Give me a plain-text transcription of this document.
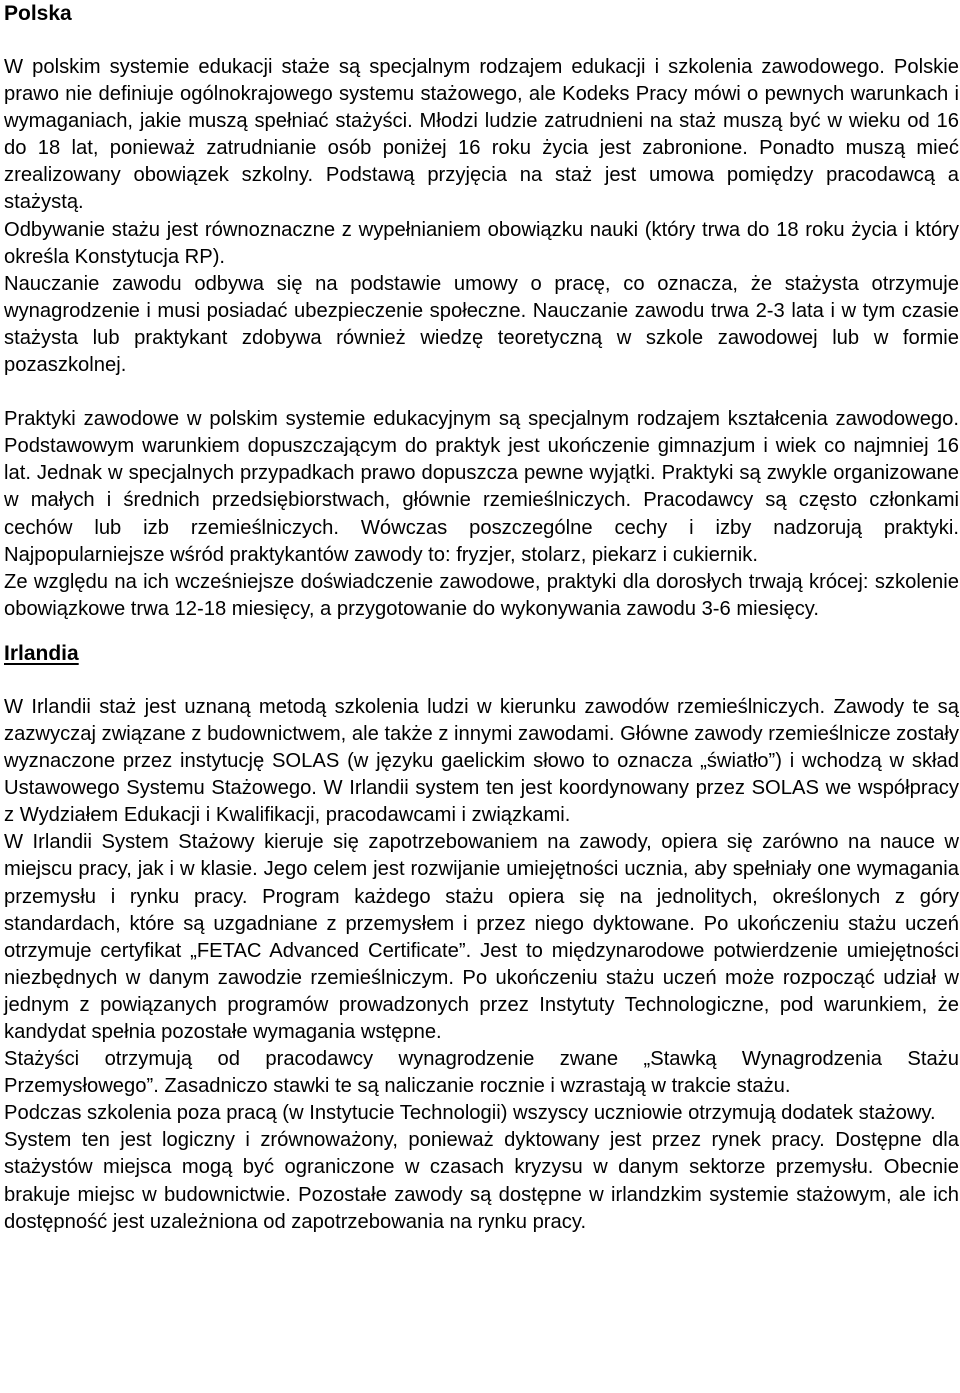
Polska

W polskim systemie edukacji staże są specjalnym rodzajem edukacji i szkolenia zawodowego. Polskie prawo nie definiuje ogólnokrajowego systemu stażowego, ale Kodeks Pracy mówi o pewnych warunkach i wymaganiach, jakie muszą spełniać stażyści. Młodzi ludzie zatrudnieni na staż muszą być w wieku od 16 do 18 lat, ponieważ zatrudnianie osób poniżej 16 roku życia jest zabronione. Ponadto muszą mieć zrealizowany obowiązek szkolny. Podstawą przyjęcia na staż jest umowa pomiędzy pracodawcą a stażystą.

Odbywanie stażu jest równoznaczne z wypełnianiem obowiązku nauki (który trwa do 18 roku życia i który określa Konstytucja RP).

Nauczanie zawodu odbywa się na podstawie umowy o pracę, co oznacza, że stażysta otrzymuje wynagrodzenie i musi posiadać ubezpieczenie społeczne. Nauczanie zawodu trwa 2-3 lata i w tym czasie stażysta lub praktykant zdobywa również wiedzę teoretyczną w szkole zawodowej lub w formie pozaszkolnej.

Praktyki zawodowe w polskim systemie edukacyjnym są specjalnym rodzajem kształcenia zawodowego. Podstawowym warunkiem dopuszczającym do praktyk jest ukończenie gimnazjum i wiek co najmniej 16 lat. Jednak w specjalnych przypadkach prawo dopuszcza pewne wyjątki. Praktyki są zwykle organizowane w małych i średnich przedsiębiorstwach, głównie rzemieślniczych. Pracodawcy są często członkami cechów lub izb rzemieślniczych. Wówczas poszczególne cechy i izby nadzorują praktyki. Najpopularniejsze wśród praktykantów zawody to: fryzjer, stolarz, piekarz i cukiernik.

Ze względu na ich wcześniejsze doświadczenie zawodowe, praktyki dla dorosłych trwają krócej: szkolenie obowiązkowe trwa 12-18 miesięcy, a przygotowanie do wykonywania zawodu 3-6 miesięcy.

Irlandia

W Irlandii staż jest uznaną metodą szkolenia ludzi w kierunku zawodów rzemieślniczych. Zawody te są zazwyczaj związane z budownictwem, ale także z innymi zawodami. Główne zawody rzemieślnicze zostały wyznaczone przez instytucję SOLAS (w języku gaelickim słowo to oznacza „światło”) i wchodzą w skład Ustawowego Systemu Stażowego. W Irlandii system ten jest koordynowany przez SOLAS we współpracy z Wydziałem Edukacji i Kwalifikacji, pracodawcami i związkami.

W Irlandii System Stażowy kieruje się zapotrzebowaniem na zawody, opiera się zarówno na nauce w miejscu pracy, jak i w klasie. Jego celem jest rozwijanie umiejętności ucznia, aby spełniały one wymagania przemysłu i rynku pracy. Program każdego stażu opiera się na jednolitych, określonych z góry standardach, które są uzgadniane z przemysłem i przez niego dyktowane. Po ukończeniu stażu uczeń otrzymuje certyfikat „FETAC Advanced Certificate”. Jest to międzynarodowe potwierdzenie umiejętności niezbędnych w danym zawodzie rzemieślniczym. Po ukończeniu stażu uczeń może rozpocząć udział w jednym z powiązanych programów prowadzonych przez Instytuty Technologiczne, pod warunkiem, że kandydat spełnia pozostałe wymagania wstępne.

Stażyści otrzymują od pracodawcy wynagrodzenie zwane „Stawką Wynagrodzenia Stażu Przemysłowego”. Zasadniczo stawki te są naliczanie rocznie i wzrastają w trakcie stażu.

Podczas szkolenia poza pracą (w Instytucie Technologii) wszyscy uczniowie otrzymują dodatek stażowy.

System ten jest logiczny i zrównoważony, ponieważ dyktowany jest przez rynek pracy. Dostępne dla stażystów miejsca mogą być ograniczone w czasach kryzysu w danym sektorze przemysłu. Obecnie brakuje miejsc w budownictwie. Pozostałe zawody są dostępne w irlandzkim systemie stażowym, ale ich dostępność jest uzależniona od zapotrzebowania na rynku pracy.
